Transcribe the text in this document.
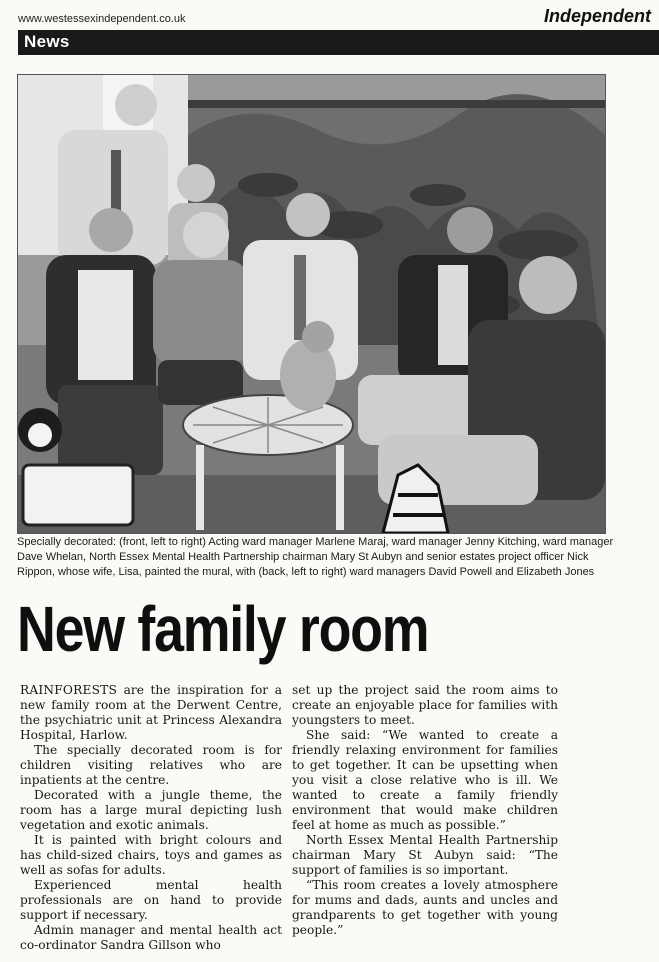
www.westessexindependent.co.uk	Independent
News
Specially decorated: (front, left to right) Acting ward manager Marlene Maraj, ward manager Jenny Kitching, ward manager Dave Whelan, North Essex Mental Health Partnership chairman Mary St Aubyn and senior estates project officer Nick Rippon, whose wife, Lisa, painted the mural, with (back, left to right) ward managers David Powell and Elizabeth Jones
New family room

RAINFORESTS are the inspiration for a new family room at the Derwent Centre, the psychiatric unit at Princess Alexandra Hospital, Harlow.

The specially decorated room is for children visiting relatives who are inpatients at the centre.

Decorated with a jungle theme, the room has a large mural depicting lush vegetation and exotic animals.

It is painted with bright colours and has child-sized chairs, toys and games as well as sofas for adults.

Experienced mental health professionals are on hand to provide support if necessary.

Admin manager and mental health act co-ordinator Sandra Gillson who

set up the project said the room aims to create an enjoyable place for families with youngsters to meet.

She said: “We wanted to create a friendly relaxing environment for families to get together. It can be upsetting when you visit a close relative who is ill. We wanted to create a family friendly environment that would make children feel at home as much as possible.”

North Essex Mental Health Partnership chairman Mary St Aubyn said: “The support of families is so important.

“This room creates a lovely atmosphere for mums and dads, aunts and uncles and grandparents to get together with young people.”
